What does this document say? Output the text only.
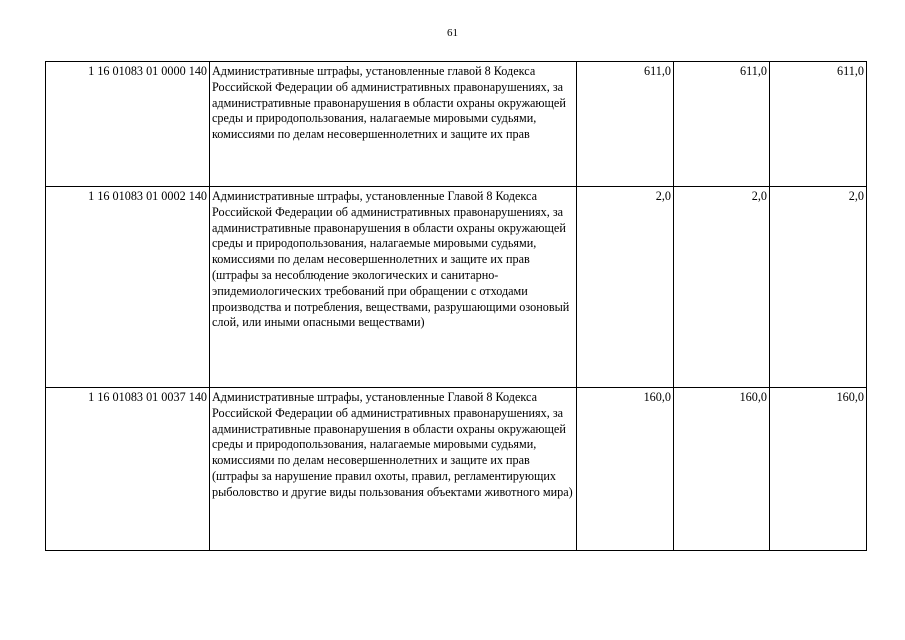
61
1 16 01083 01 0000 140	Административные штрафы, установленные главой 8 Кодекса Российской Федерации об административных правонарушениях, за административные правонарушения в области охраны окружающей среды и природопользования, налагаемые мировыми судьями, комиссиями по делам несовершеннолетних и защите их прав	611,0	611,0	611,0
1 16 01083 01 0002 140	Административные штрафы, установленные Главой 8 Кодекса Российской Федерации об административных правонарушениях, за административные правонарушения в области охраны окружающей среды и природопользования, налагаемые мировыми судьями, комиссиями по делам несовершеннолетних и защите их прав (штрафы за несоблюдение экологических и санитарно-эпидемиологических требований при обращении с отходами производства и потребления, веществами, разрушающими озоновый слой, или иными опасными веществами)	2,0	2,0	2,0
1 16 01083 01 0037 140	Административные штрафы, установленные Главой 8 Кодекса Российской Федерации об административных правонарушениях, за административные правонарушения в области охраны окружающей среды и природопользования, налагаемые мировыми судьями, комиссиями по делам несовершеннолетних и защите их прав (штрафы за нарушение правил охоты, правил, регламентирующих рыболовство и другие виды пользования объектами животного мира)	160,0	160,0	160,0
